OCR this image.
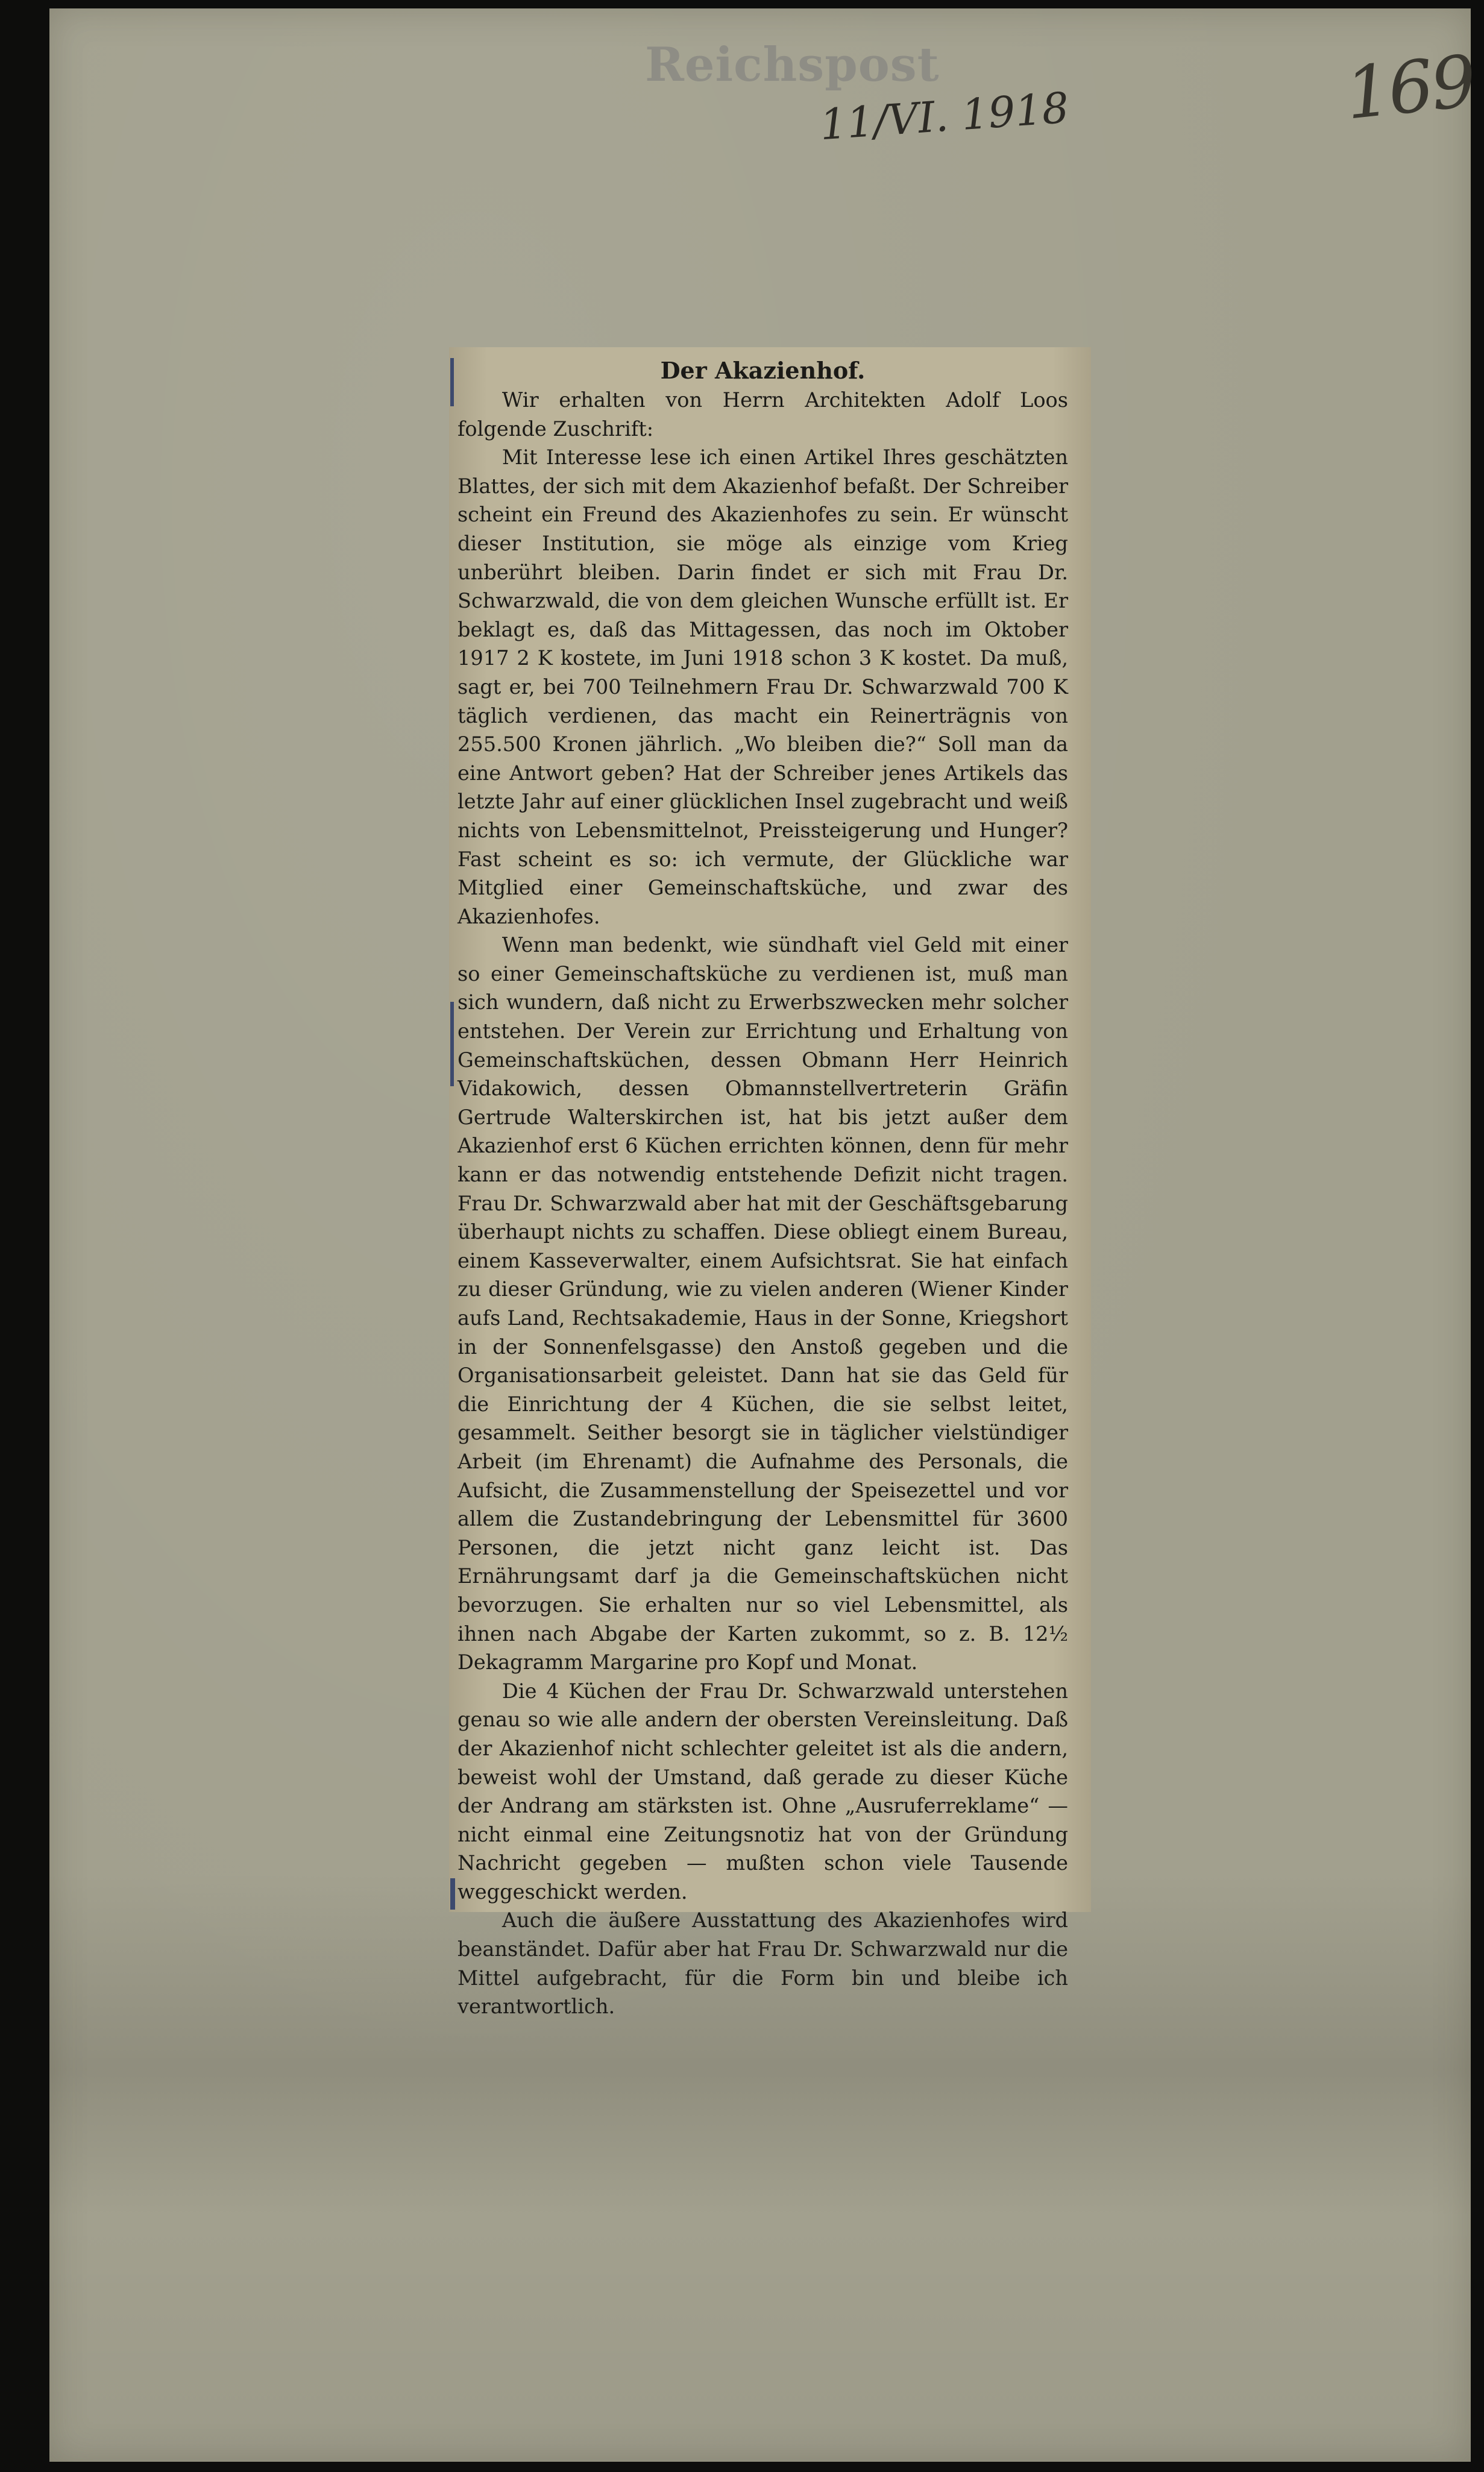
Reichspost
11/VI. 1918	169
Der Akazienhof.

Wir erhalten von Herrn Architekten Adolf Loos folgende Zuschrift:

Mit Interesse lese ich einen Artikel Ihres geschätzten Blattes, der sich mit dem Akazienhof befaßt. Der Schreiber scheint ein Freund des Akazienhofes zu sein. Er wünscht dieser Institution, sie möge als einzige vom Krieg unberührt bleiben. Darin findet er sich mit Frau Dr. Schwarzwald, die von dem gleichen Wunsche erfüllt ist. Er beklagt es, daß das Mittagessen, das noch im Oktober 1917 2 K kostete, im Juni 1918 schon 3 K kostet. Da muß, sagt er, bei 700 Teilnehmern Frau Dr. Schwarzwald 700 K täglich verdienen, das macht ein Reinerträgnis von 255.500 Kronen jährlich. „Wo bleiben die?“ Soll man da eine Antwort geben? Hat der Schreiber jenes Artikels das letzte Jahr auf einer glücklichen Insel zugebracht und weiß nichts von Lebensmittelnot, Preissteigerung und Hunger? Fast scheint es so: ich vermute, der Glückliche war Mitglied einer Gemeinschaftsküche, und zwar des Akazienhofes.

Wenn man bedenkt, wie sündhaft viel Geld mit einer so einer Gemeinschaftsküche zu verdienen ist, muß man sich wundern, daß nicht zu Erwerbszwecken mehr solcher entstehen. Der Verein zur Errichtung und Erhaltung von Gemeinschaftsküchen, dessen Obmann Herr Heinrich Vidakowich, dessen Obmannstellvertreterin Gräfin Gertrude Walterskirchen ist, hat bis jetzt außer dem Akazienhof erst 6 Küchen errichten können, denn für mehr kann er das notwendig entstehende Defizit nicht tragen. Frau Dr. Schwarzwald aber hat mit der Geschäftsgebarung überhaupt nichts zu schaffen. Diese obliegt einem Bureau, einem Kasseverwalter, einem Aufsichtsrat. Sie hat einfach zu dieser Gründung, wie zu vielen anderen (Wiener Kinder aufs Land, Rechtsakademie, Haus in der Sonne, Kriegshort in der Sonnenfelsgasse) den Anstoß gegeben und die Organisationsarbeit geleistet. Dann hat sie das Geld für die Einrichtung der 4 Küchen, die sie selbst leitet, gesammelt. Seither besorgt sie in täglicher vielstündiger Arbeit (im Ehrenamt) die Aufnahme des Personals, die Aufsicht, die Zusammenstellung der Speisezettel und vor allem die Zustandebringung der Lebensmittel für 3600 Personen, die jetzt nicht ganz leicht ist. Das Ernährungsamt darf ja die Gemeinschaftsküchen nicht bevorzugen. Sie erhalten nur so viel Lebensmittel, als ihnen nach Abgabe der Karten zukommt, so z. B. 12½ Dekagramm Margarine pro Kopf und Monat.

Die 4 Küchen der Frau Dr. Schwarzwald unterstehen genau so wie alle andern der obersten Vereinsleitung. Daß der Akazienhof nicht schlechter geleitet ist als die andern, beweist wohl der Umstand, daß gerade zu dieser Küche der Andrang am stärksten ist. Ohne „Ausruferreklame“ — nicht einmal eine Zeitungsnotiz hat von der Gründung Nachricht gegeben — mußten schon viele Tausende weggeschickt werden.

Auch die äußere Ausstattung des Akazienhofes wird beanständet. Dafür aber hat Frau Dr. Schwarzwald nur die Mittel aufgebracht, für die Form bin und bleibe ich verantwortlich.
